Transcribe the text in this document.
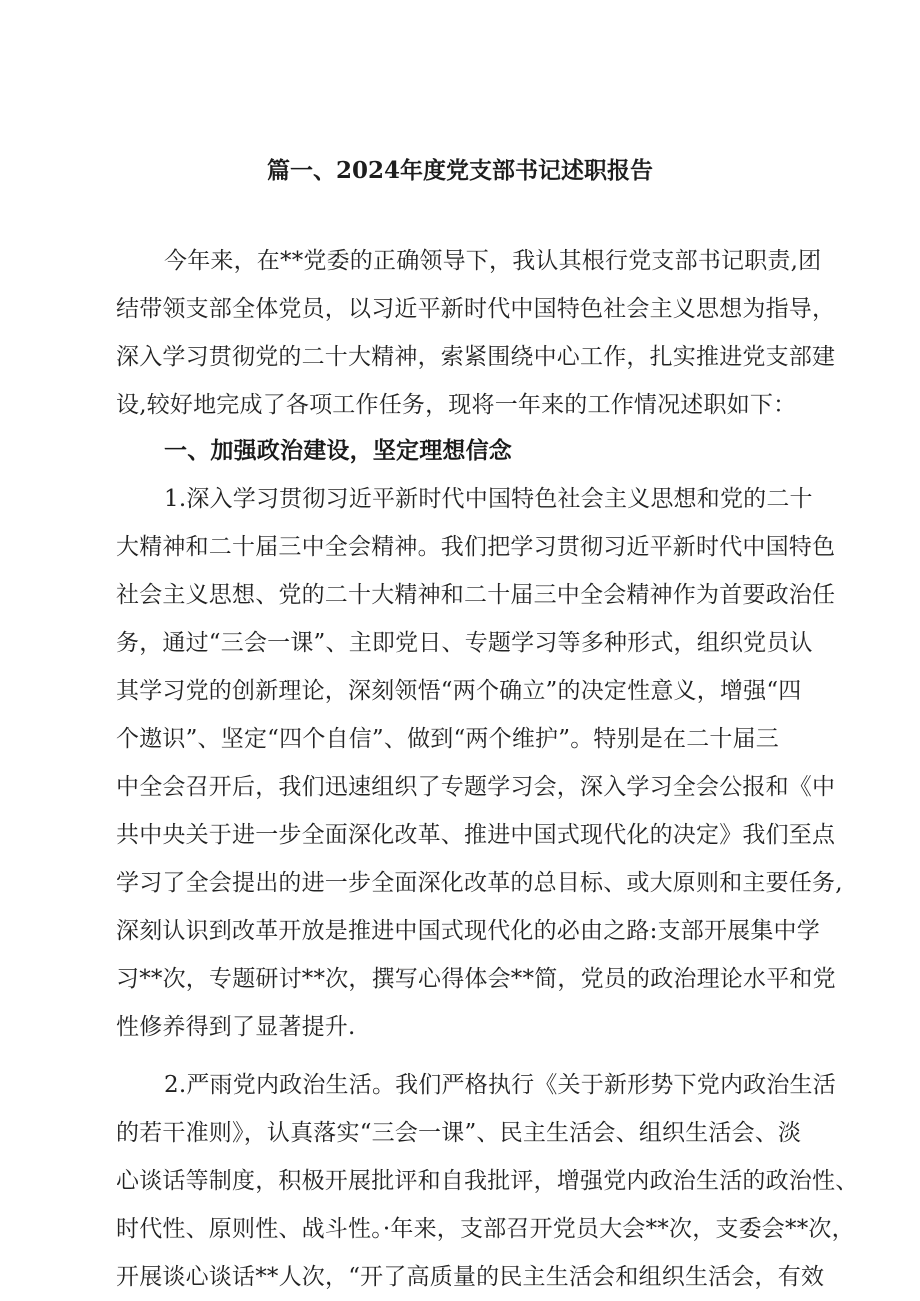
篇一、2024年度党支部书记述职报告
今年来，在**党委的正确领导下，我认其根行党支部书记职责,团
结带领支部全体党员，以习近平新时代中国特色社会主义思想为指导，
深入学习贯彻党的二十大精神，索紧围绕中心工作，扎实推进党支部建
设,较好地完成了各项工作任务，现将一年来的工作情况述职如下：
一、加强政治建设，坚定理想信念
1.深入学习贯彻习近平新时代中国特色社会主义思想和党的二十
大精神和二十届三中全会精神。我们把学习贯彻习近平新时代中国特色
社会主义思想、党的二十大精神和二十届三中全会精神作为首要政治任
务，通过“三会一课”、主即党日、专题学习等多种形式，组织党员认
其学习党的创新理论，深刻领悟“两个确立”的决定性意义，增强“四
个遨识”、坚定“四个自信”、做到“两个维护”。特别是在二十届三
中全会召开后，我们迅速组织了专题学习会，深入学习全会公报和《中
共中央关于进一步全面深化改革、推进中国式现代化的决定》我们至点
学习了全会提出的进一步全面深化改革的总目标、或大原则和主要任务,
深刻认识到改革开放是推进中国式现代化的必由之路:支部开展集中学
习**次，专题研讨**次，撰写心得体会**简，党员的政治理论水平和党
性修养得到了显著提升.
2.严雨党内政治生活。我们严格执行《关于新形势下党内政治生活
的若干准则》，认真落实“三会一课”、民主生活会、组织生活会、淡
心谈话等制度，积极开展批评和自我批评，增强党内政治生活的政治性、
时代性、原则性、战斗性。·年来，支部召开党员大会**次，支委会**次，
开展谈心谈话**人次，“开了高质量的民主生活会和组织生活会，有效
